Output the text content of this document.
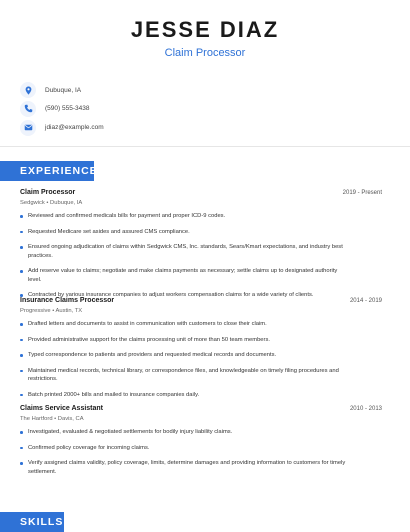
JESSE DIAZ
Claim Processor
Dubuque, IA
(590) 555-3438
jdiaz@example.com
EXPERIENCE
Claim Processor	2019 - Present
Sedgwick • Dubuque, IA
Reviewed and confirmed medicals bills for payment and proper ICD-9 codes.
Requested Medicare set asides and assured CMS compliance.
Ensured ongoing adjudication of claims within Sedgwick CMS, Inc. standards, Sears/Kmart expectations, and industry best practices.
Add reserve value to claims; negotiate and make claims payments as necessary; settle claims up to designated authority level.
Contracted by various insurance companies to adjust workers compensation claims for a wide variety of clients.
Insurance Claims Processor	2014 - 2019
Progressive • Austin, TX
Drafted letters and documents to assist in communication with customers to close their claim.
Provided administrative support for the claims processing unit of more than 50 team members.
Typed correspondence to patients and providers and requested medical records and documents.
Maintained medical records, technical library, or correspondence files, and knowledgeable on timely filing procedures and restrictions.
Batch printed 2000+ bills and mailed to insurance companies daily.
Claims Service Assistant	2010 - 2013
The Hartford • Davis, CA
Investigated, evaluated & negotiated settlements for bodily injury liability claims.
Confirmed policy coverage for incoming claims.
Verify assigned claims validity, policy coverage, limits, determine damages and providing information to customers for timely settlement.
SKILLS
